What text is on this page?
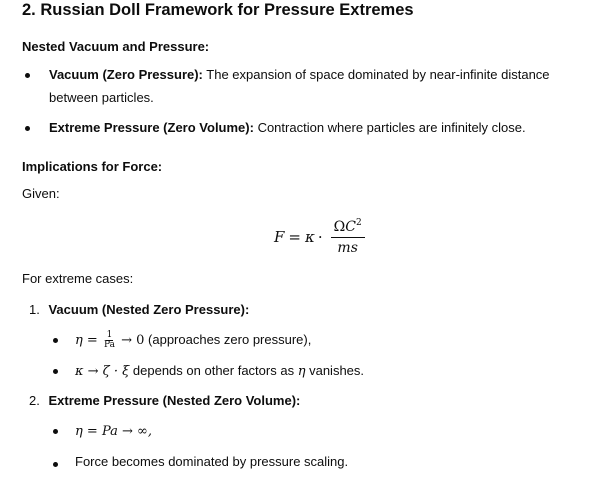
2. Russian Doll Framework for Pressure Extremes

Nested Vacuum and Pressure:

Vacuum (Zero Pressure): The expansion of space dominated by near-infinite distance
between particles.
Extreme Pressure (Zero Volume): Contraction where particles are infinitely close.

Implications for Force:

Given:
$F = \kappa \cdot \frac{\Omega C^2}{ms}$
For extreme cases:
1. Vacuum (Nested Zero Pressure):
$\eta = \frac{1}{Pa} \to 0$ (approaches zero pressure),
κ → ζ · ξ depends on other factors as η vanishes.
2. Extreme Pressure (Nested Zero Volume):
η = Pa → ∞,
Force becomes dominated by pressure scaling.
